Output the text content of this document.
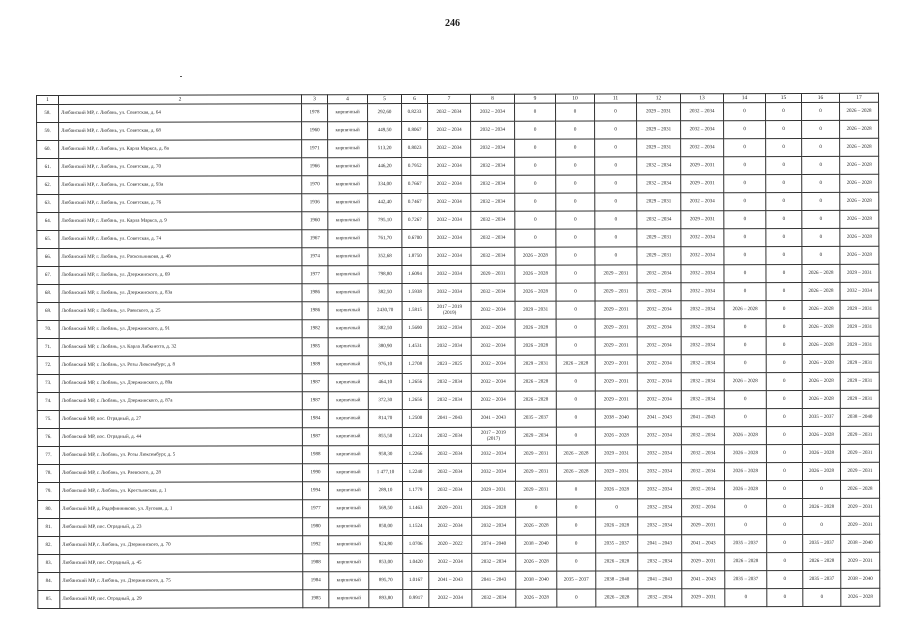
246
1	2	3	4	5	6	7	8	9	10	11	12	13	14	15	16	17
58.	Любанский МР, г. Любань, ул. Советская, д. 64	1978	кирпичный	292,60	0.8233	2032 – 2034	2032 – 2034	0	0	0	2029 – 2031	2032 – 2034	0	0	0	2026 – 2028
59.	Любанский МР, г. Любань, ул. Советская, д. 68	1960	кирпичный	449,50	0.8067	2032 – 2034	2032 – 2034	0	0	0	2029 – 2031	2032 – 2034	0	0	0	2026 – 2028
60.	Любанский МР, г. Любань, ул. Карла Маркса, д. 8а	1971	кирпичный	513,20	0.8023	2032 – 2034	2032 – 2034	0	0	0	2029 – 2031	2032 – 2034	0	0	0	2026 – 2028
61.	Любанский МР, г. Любань, ул. Советская, д. 70	1966	кирпичный	446,20	0.7952	2032 – 2034	2032 – 2034	0	0	0	2032 – 2034	2029 – 2031	0	0	0	2026 – 2028
62.	Любанский МР, г. Любань, ул. Советская, д. 93а	1970	кирпичный	334,00	0.7667	2032 – 2034	2032 – 2034	0	0	0	2032 – 2034	2029 – 2031	0	0	0	2026 – 2028
63.	Любанский МР, г. Любань, ул. Советская, д. 76	1936	кирпичный	442,40	0.7467	2032 – 2034	2032 – 2034	0	0	0	2029 – 2031	2032 – 2034	0	0	0	2026 – 2028
64.	Любанский МР, г. Любань, ул. Карла Маркса, д. 9	1960	кирпичный	795,10	0.7267	2032 – 2034	2032 – 2034	0	0	0	2032 – 2034	2029 – 2031	0	0	0	2026 – 2028
65.	Любанский МР, г. Любань, ул. Советская, д. 74	1967	кирпичный	761,70	0.6700	2032 – 2034	2032 – 2034	0	0	0	2029 – 2031	2032 – 2034	0	0	0	2026 – 2028
66.	Любанский МР, г. Любань, ул. Раскольникова, д. 40	1974	кирпичный	352,68	1.8750	2032 – 2034	2032 – 2034	2026 – 2028	0	0	2029 – 2031	2032 – 2034	0	0	0	2026 – 2028
67.	Любанский МР, г. Любань, ул. Дзержинского, д. 69	1977	кирпичный	798,80	1.6094	2032 – 2034	2029 – 2031	2026 – 2028	0	2029 – 2031	2032 – 2034	2032 – 2034	0	0	2026 – 2028	2029 – 2031
68.	Любанский МР, г. Любань, ул. Дзержинского, д. 83а	1986	кирпичный	382,50	1.5938	2032 – 2034	2032 – 2034	2026 – 2028	0	2029 – 2031	2032 – 2034	2032 – 2034	0	0	2026 – 2028	2032 – 2034
69.	Любанский МР, г. Любань, ул. Раевского, д. 25	1986	кирпичный	2430,70	1.5815	2017 – 2019 (2019)	2032 – 2034	2029 – 2031	0	2029 – 2031	2032 – 2034	2032 – 2034	2026 – 2028	0	2026 – 2028	2029 – 2031
70.	Любанский МР, г. Любань, ул. Дзержинского, д. 91	1982	кирпичный	382,50	1.5690	2032 – 2034	2032 – 2034	2026 – 2028	0	2029 – 2031	2032 – 2034	2032 – 2034	0	0	2026 – 2028	2029 – 2031
71.	Любанский МР, г. Любань, ул. Карла Либкнехта, д. 32	1985	кирпичный	380,90	1.4531	2032 – 2034	2032 – 2034	2026 – 2028	0	2029 – 2031	2032 – 2034	2032 – 2034	0	0	2026 – 2028	2029 – 2031
72.	Любанский МР, г. Любань, ул. Розы Люксембург, д. 8	1989	кирпичный	976,10	1.2708	2023 – 2025	2032 – 2034	2029 – 2031	2026 – 2028	2029 – 2031	2032 – 2034	2032 – 2034	0	0	2026 – 2028	2029 – 2031
73.	Любанский МР, г. Любань, ул. Дзержинского, д. 89а	1987	кирпичный	464,10	1.2656	2032 – 2034	2032 – 2034	2026 – 2028	0	2029 – 2031	2032 – 2034	2032 – 2034	2026 – 2028	0	2026 – 2028	2029 – 2031
74.	Любанский МР, г. Любань, ул. Дзержинского, д. 87а	1987	кирпичный	372,30	1.2656	2032 – 2034	2032 – 2034	2026 – 2028	0	2029 – 2031	2032 – 2034	2032 – 2034	0	0	2026 – 2028	2029 – 2031
75.	Любанский МР, пос. Отрадный, д. 27	1984	кирпичный	814,70	1.2500	2041 – 2043	2041 – 2043	2035 – 2037	0	2038 – 2040	2041 – 2043	2041 – 2043	0	0	2035 – 2037	2038 – 2040
76.	Любанский МР, пос. Отрадный, д. 44	1987	кирпичный	855,50	1.2324	2032 – 2034	2017 – 2019 (2017)	2029 – 2034	0	2026 – 2028	2032 – 2034	2032 – 2034	2026 – 2028	0	2026 – 2028	2029 – 2031
77.	Любанский МР, г. Любань, ул. Розы Люксембург, д. 5	1988	кирпичный	958,30	1.2266	2032 – 2034	2032 – 2034	2029 – 2031	2026 – 2028	2029 – 2031	2032 – 2034	2032 – 2034	2026 – 2028	0	2026 – 2028	2029 – 2031
78.	Любанский МР, г. Любань, ул. Раевского, д. 28	1990	кирпичный	1 477,10	1.2240	2032 – 2034	2032 – 2034	2029 – 2031	2026 – 2028	2029 – 2031	2032 – 2034	2032 – 2034	2026 – 2028	0	2026 – 2028	2029 – 2031
79.	Любанский МР, г. Любань, ул. Крестьянская, д. 1	1994	кирпичный	289,10	1.1779	2032 – 2034	2029 – 2031	2029 – 2031	0	2026 – 2028	2032 – 2034	2032 – 2034	2026 – 2028	0	0	2026 – 2028
80.	Любанский МР, д. Радофинниково, ул. Луговая, д. 1	1977	кирпичный	569,50	1.1463	2029 – 2031	2026 – 2028	0	0	0	2032 – 2034	2032 – 2034	0	0	2026 – 2028	2029 – 2031
81.	Любанский МР, пос. Отрадный, д. 23	1980	кирпичный	850,00	1.1524	2032 – 2034	2032 – 2034	2026 – 2028	0	2026 – 2028	2032 – 2034	2029 – 2031	0	0	0	2029 – 2031
82.	Любанский МР, г. Любань, ул. Дзержинского, д. 70	1992	кирпичный	924,80	1.0706	2020 – 2022	2074 – 2040	2038 – 2040	0	2035 – 2037	2041 – 2043	2041 – 2043	2035 – 2037	0	2035 – 2037	2038 – 2040
83.	Любанский МР, пос. Отрадный, д. 45	1988	кирпичный	853,00	1.0420	2032 – 2034	2032 – 2034	2026 – 2028	0	2026 – 2028	2032 – 2034	2029 – 2031	2026 – 2028	0	2026 – 2028	2029 – 2031
84.	Любанский МР, г. Любань, ул. Дзержинского, д. 75	1984	кирпичный	895,70	1.0167	2041 – 2043	2041 – 2043	2038 – 2040	2035 – 2037	2038 – 2040	2041 – 2043	2041 – 2043	2035 – 2037	0	2035 – 2037	2038 – 2040
85.	Любанский МР, пос. Отрадный, д. 29	1985	кирпичный	893,80	0.9917	2032 – 2034	2032 – 2034	2026 – 2028	0	2026 – 2028	2032 – 2034	2029 – 2031	0	0	0	2026 – 2028
